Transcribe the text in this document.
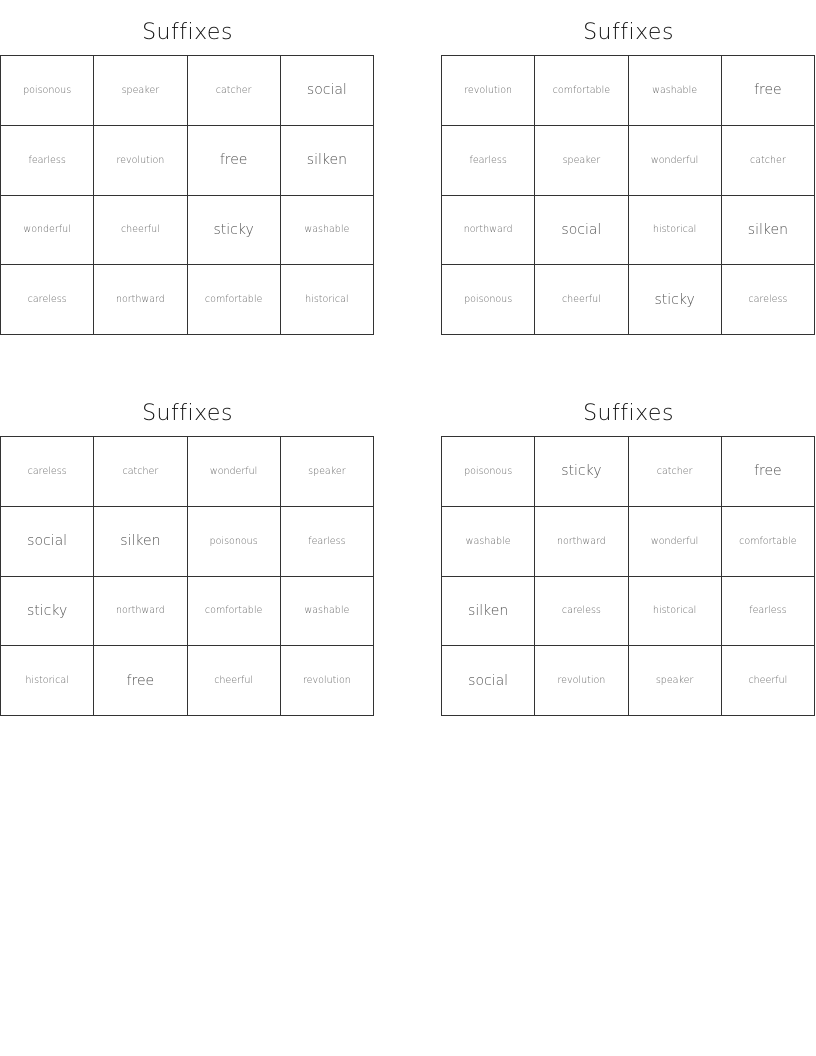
Suffixes
poisonous	speaker	catcher	social
fearless	revolution	free	silken
wonderful	cheerful	sticky	washable
careless	northward	comfortable	historical
Suffixes
revolution	comfortable	washable	free
fearless	speaker	wonderful	catcher
northward	social	historical	silken
poisonous	cheerful	sticky	careless
Suffixes
careless	catcher	wonderful	speaker
social	silken	poisonous	fearless
sticky	northward	comfortable	washable
historical	free	cheerful	revolution
Suffixes
poisonous	sticky	catcher	free
washable	northward	wonderful	comfortable
silken	careless	historical	fearless
social	revolution	speaker	cheerful
